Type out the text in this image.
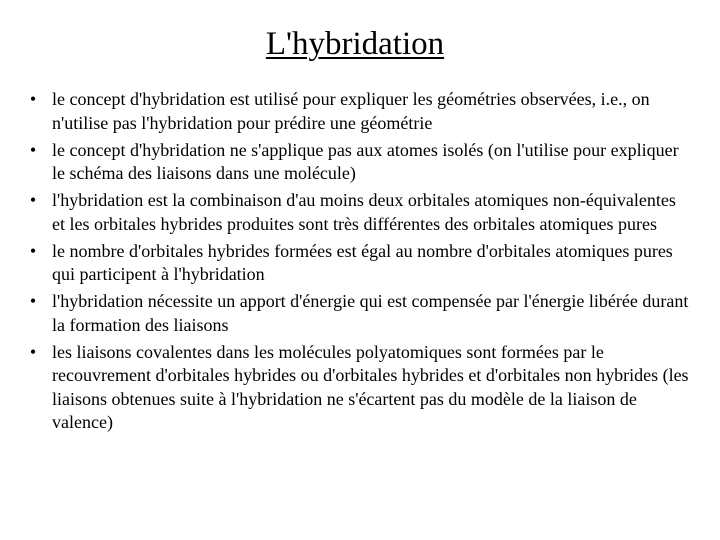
L'hybridation
• le concept d'hybridation est utilisé pour expliquer les géométries observées, i.e., on n'utilise pas l'hybridation pour prédire une géométrie
• le concept d'hybridation ne s'applique pas aux atomes isolés (on l'utilise pour expliquer le schéma des liaisons dans une molécule)
• l'hybridation est la combinaison d'au moins deux orbitales atomiques non-équivalentes et les orbitales hybrides produites sont très différentes des orbitales atomiques pures
• le nombre d'orbitales hybrides formées est égal au nombre d'orbitales atomiques pures qui participent à l'hybridation
• l'hybridation nécessite un apport d'énergie qui est compensée par l'énergie libérée durant la formation des liaisons
• les liaisons covalentes dans les molécules polyatomiques sont formées par le recouvrement d'orbitales hybrides ou d'orbitales hybrides et d'orbitales non hybrides (les liaisons obtenues suite à l'hybridation ne s'écartent pas du modèle de la liaison de valence)
